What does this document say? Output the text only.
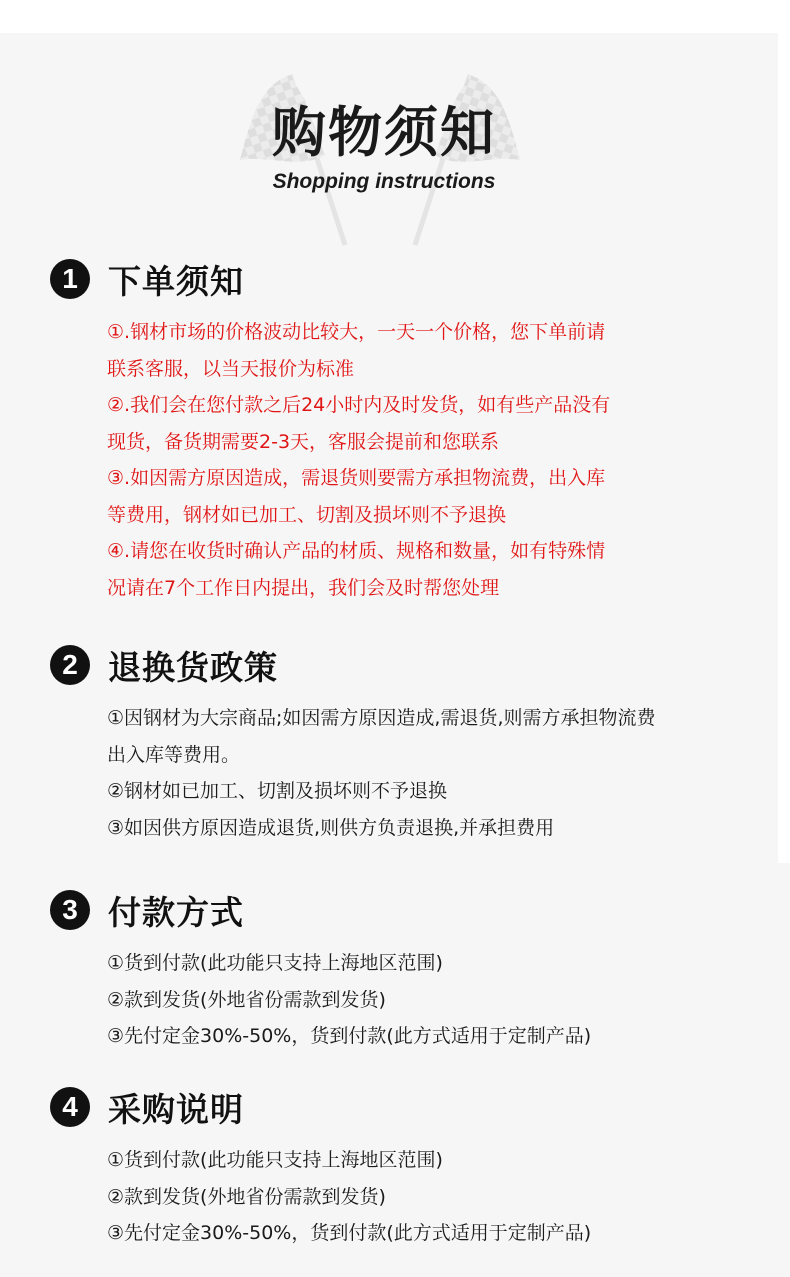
购物须知
Shopping instructions
1 下单须知
①.钢材市场的价格波动比较大，一天一个价格，您下单前请
联系客服，以当天报价为标准
②.我们会在您付款之后24小时内及时发货，如有些产品没有
现货，备货期需要2-3天，客服会提前和您联系
③.如因需方原因造成，需退货则要需方承担物流费，出入库
等费用，钢材如已加工、切割及损坏则不予退换
④.请您在收货时确认产品的材质、规格和数量，如有特殊情
况请在7个工作日内提出，我们会及时帮您处理
2 退换货政策
①因钢材为大宗商品;如因需方原因造成,需退货,则需方承担物流费
出入库等费用。
②钢材如已加工、切割及损坏则不予退换
③如因供方原因造成退货,则供方负责退换,并承担费用
3 付款方式
①货到付款(此功能只支持上海地区范围)
②款到发货(外地省份需款到发货)
③先付定金30%-50%，货到付款(此方式适用于定制产品)
4 采购说明
①货到付款(此功能只支持上海地区范围)
②款到发货(外地省份需款到发货)
③先付定金30%-50%，货到付款(此方式适用于定制产品)
